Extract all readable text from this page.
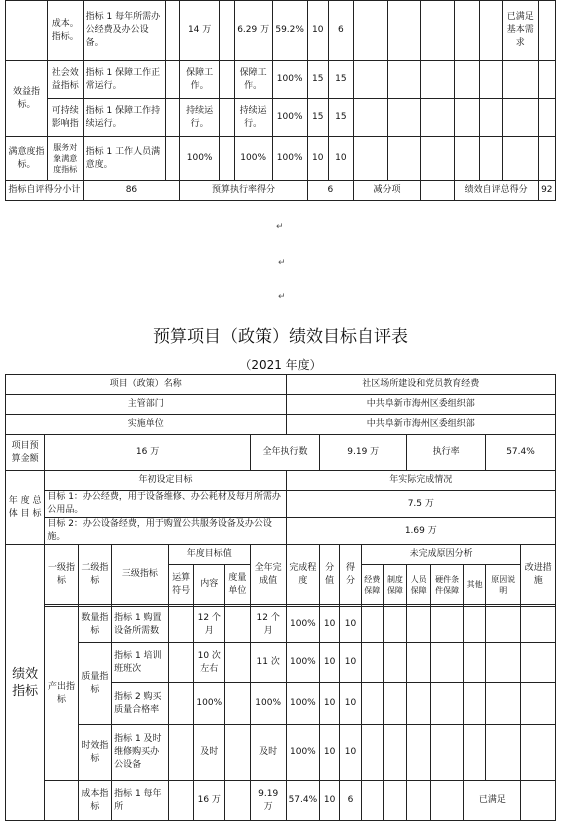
	成本。指标。	指标 1 每年所需办公经费及办公设备。		14 万		6.29 万	59.2%	10	6						已满足基本需求	
效益指标。	社会效益指标	指标 1 保障工作正常运行。		保障工作。		保障工作。	100%	15	15							
	可持续影响指	指标 1 保障工作持续运行。		持续运行。		持续运行。	100%	15	15							
满意度指标。	服务对象满意度指标	指标 1 工作人员满意度。		100%		100%	100%	10	10							
指标自评得分小计		86		预算执行率得分				6		减分项			绩效自评总得分			92
↵
↵
↵
预算项目（政策）绩效目标自评表
（2021 年度）
项目（政策）名称								社区场所建设和党员教育经费									
主管部门								中共阜新市海州区委组织部									
实施单位								中共阜新市海州区委组织部									
项目预算金额	16 万						全年执行数		9.19 万				执行率			57.4%	
年 度 总 体 目 标	年初设定目标							年实际完成情况									
	目标 1：办公经费，用于设备维修、办公耗材及每月所需办公用品。							7.5 万									
	目标 2：办公设备经费，用于购置公共服务设备及办公设施。							1.69 万									
绩效指标	一级指标	二级指标	三级指标	年度目标值			全年完成值	完成程度	分值	得分	未完成原因分析						改进措施
				运算符号	内容	度量单位					经费保障	制度保障	人员保障	硬件条件保障	其他	原因说明	

	产出指标	数量指标	指标 1 购置设备所需数		12 个月		12 个月	100%	10	10							
		质量指标	指标 1 培训班班次		10 次左右		11 次	100%	10	10							
			指标 2 购买质量合格率		100%		100%	100%	10	10							
		时效指标	指标 1 及时维修购买办公设备		及时		及时	100%	10	10							
		成本指标	指标 1 每年所		16 万		9.19 万	57.4%	10	6					已满足		
